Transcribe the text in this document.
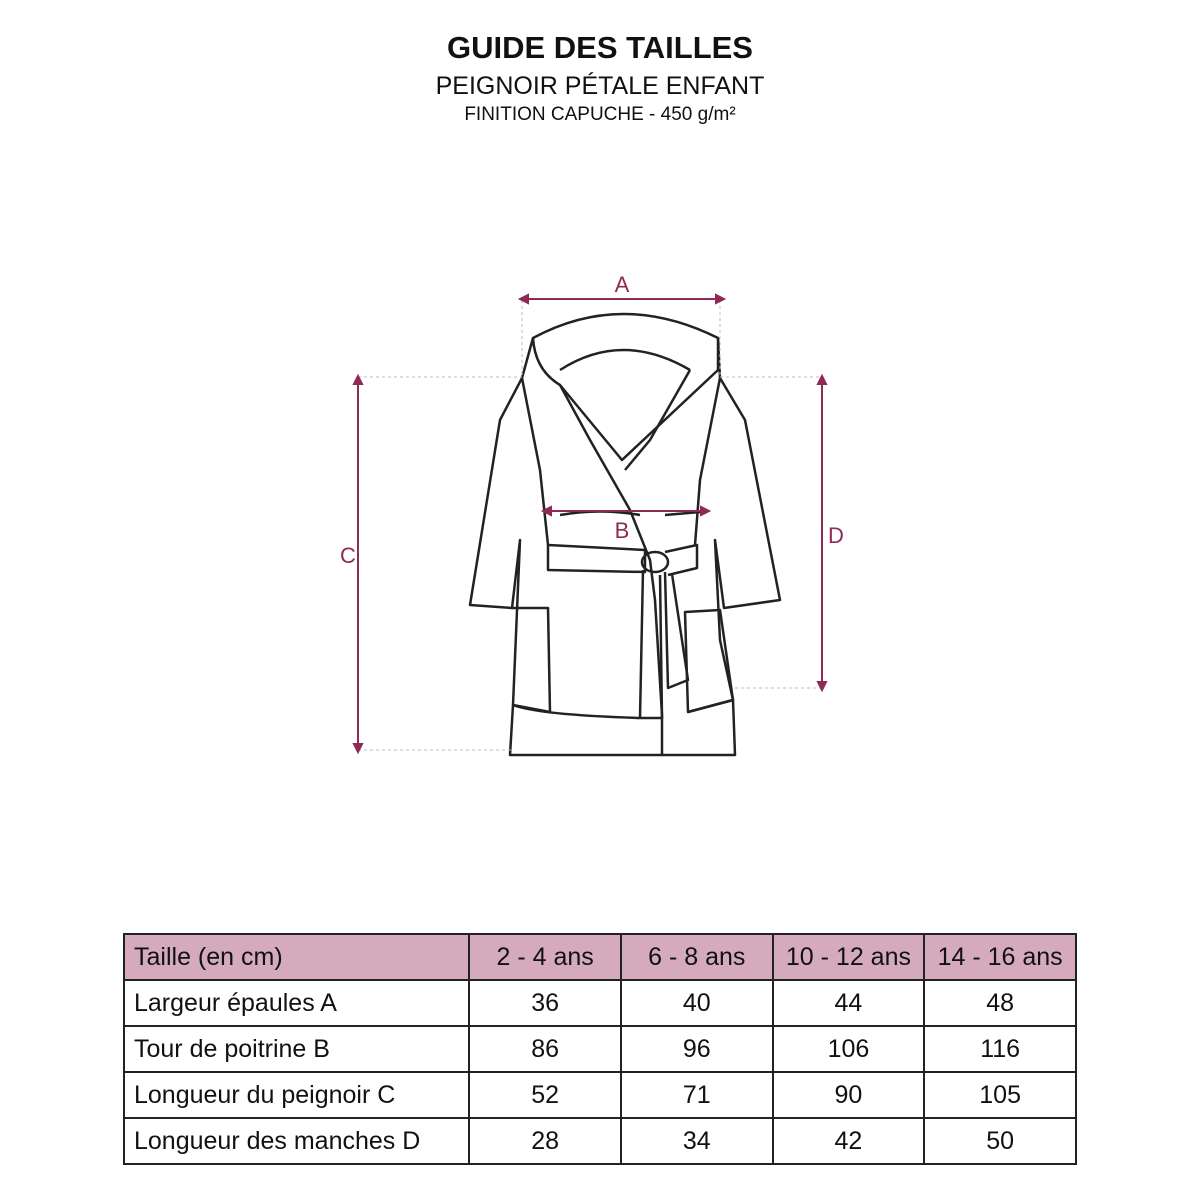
GUIDE DES TAILLES
PEIGNOIR PÉTALE ENFANT
FINITION CAPUCHE - 450 g/m²
A
B
C
D
Taille (en cm)	2 - 4 ans	6 - 8 ans	10 - 12 ans	14 - 16 ans
Largeur épaules A	36	40	44	48
Tour de poitrine B	86	96	106	116
Longueur du peignoir C	52	71	90	105
Longueur des manches D	28	34	42	50
